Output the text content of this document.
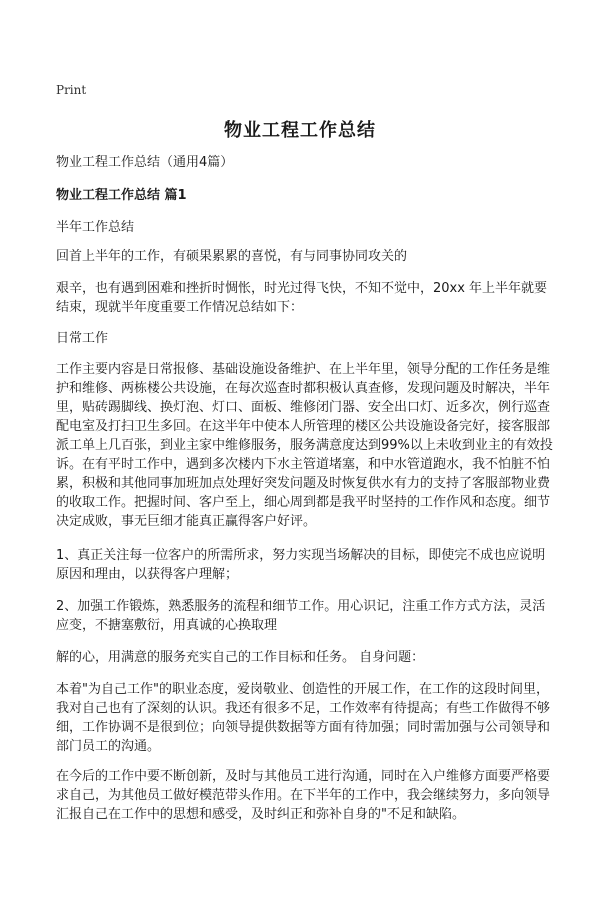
Print
物业工程工作总结

物业工程工作总结（通用4篇）

物业工程工作总结 篇1

半年工作总结

回首上半年的工作，有硕果累累的喜悦，有与同事协同攻关的

艰辛，也有遇到困难和挫折时惆怅，时光过得飞快，不知不觉中，20xx 年上半年就要结束，现就半年度重要工作情况总结如下：

日常工作

工作主要内容是日常报修、基础设施设备维护、在上半年里，领导分配的工作任务是维护和维修、两栋楼公共设施，在每次巡查时都积极认真查修，发现问题及时解决，半年里，贴砖踢脚线、换灯泡、灯口、面板、维修闭门器、安全出口灯、近多次，例行巡查配电室及打扫卫生多回。在这半年中使本人所管理的楼区公共设施设备完好，接客服部派工单上几百张，到业主家中维修服务，服务满意度达到99%以上未收到业主的有效投诉。在有平时工作中，遇到多次楼内下水主管道堵塞，和中水管道跑水，我不怕脏不怕累，积极和其他同事加班加点处理好突发问题及时恢复供水有力的支持了客服部物业费的收取工作。把握时间、客户至上，细心周到都是我平时坚持的工作作风和态度。细节决定成败，事无巨细才能真正赢得客户好评。

1、真正关注每一位客户的所需所求，努力实现当场解决的目标，即使完不成也应说明原因和理由，以获得客户理解；

2、加强工作锻炼，熟悉服务的流程和细节工作。用心识记，注重工作方式方法，灵活应变，不搪塞敷衍，用真诚的心换取理

解的心，用满意的服务充实自己的工作目标和任务。 自身问题：

本着"为自己工作"的职业态度，爱岗敬业、创造性的开展工作，在工作的这段时间里，我对自己也有了深刻的认识。我还有很多不足，工作效率有待提高；有些工作做得不够细，工作协调不是很到位；向领导提供数据等方面有待加强；同时需加强与公司领导和部门员工的沟通。

在今后的工作中要不断创新，及时与其他员工进行沟通，同时在入户维修方面要严格要求自己，为其他员工做好模范带头作用。在下半年的工作中，我会继续努力，多向领导汇报自己在工作中的思想和感受，及时纠正和弥补自身的"不足和缺陷。
